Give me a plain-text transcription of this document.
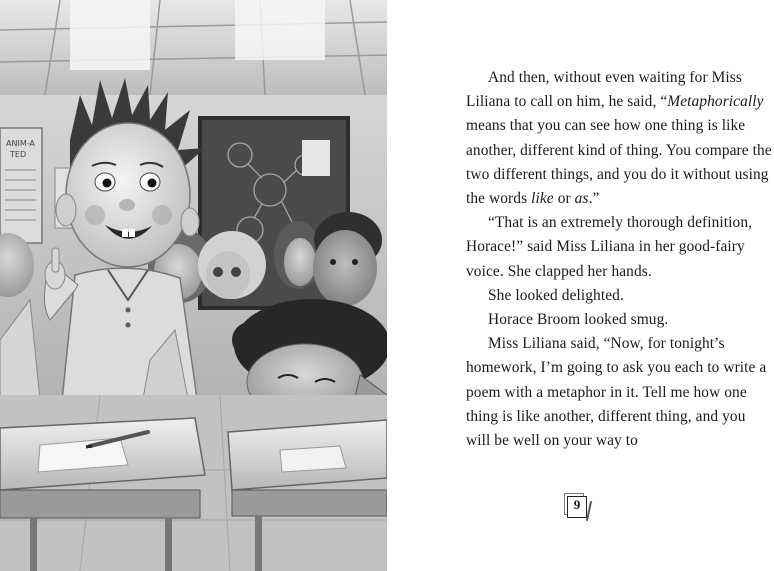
ANIM-A
TED

And then, without even waiting for Miss Liliana to call on him, he said, “Metaphorically means that you can see how one thing is like another, different kind of thing. You compare the two different things, and you do it without using the words like or as.”

“That is an extremely thorough definition, Horace!” said Miss Liliana in her good-fairy voice. She clapped her hands.

She looked delighted.

Horace Broom looked smug.

Miss Liliana said, “Now, for tonight’s homework, I’m going to ask you each to write a poem with a metaphor in it. Tell me how one thing is like another, different thing, and you will be well on your way to

9
